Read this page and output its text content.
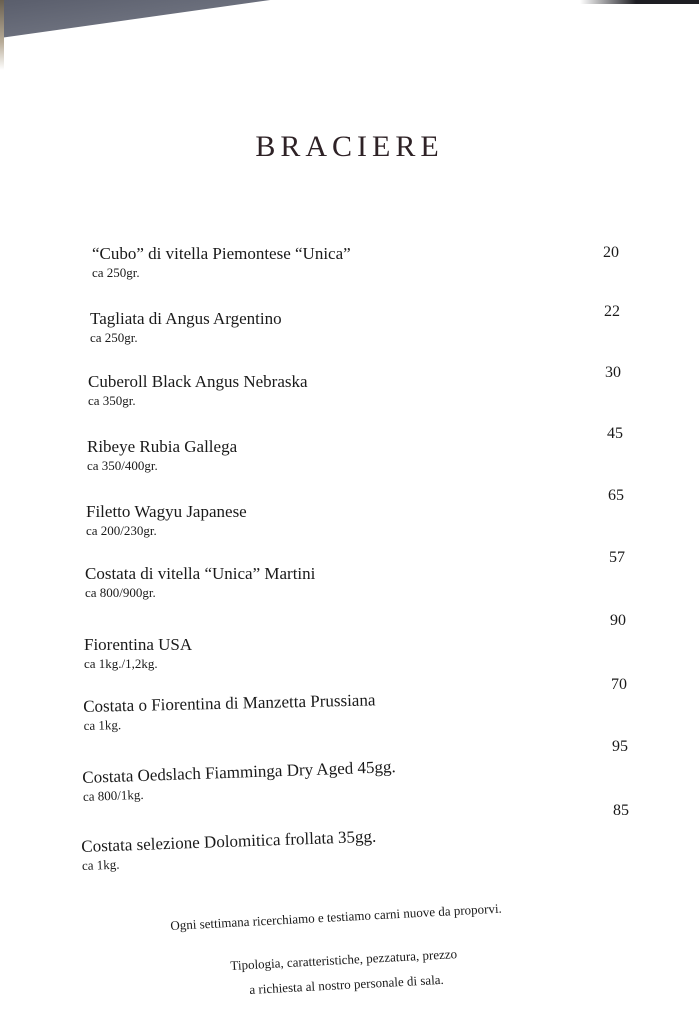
BRACIERE
“Cubo” di vitella Piemontese “Unica”
ca 250gr.
20
Tagliata di Angus Argentino
ca 250gr.
22
Cuberoll Black Angus Nebraska
ca 350gr.
30
Ribeye Rubia Gallega
ca 350/400gr.
45
Filetto Wagyu Japanese
ca 200/230gr.
65
Costata di vitella “Unica” Martini
ca 800/900gr.
57
Fiorentina USA
ca 1kg./1,2kg.
90
Costata o Fiorentina di Manzetta Prussiana
ca 1kg.
70
Costata Oedslach Fiamminga Dry Aged 45gg.
ca 800/1kg.
95
Costata selezione Dolomitica frollata 35gg.
ca 1kg.
85
Ogni settimana ricerchiamo e testiamo carni nuove da proporvi.
Tipologia, caratteristiche, pezzatura, prezzo
a richiesta al nostro personale di sala.
